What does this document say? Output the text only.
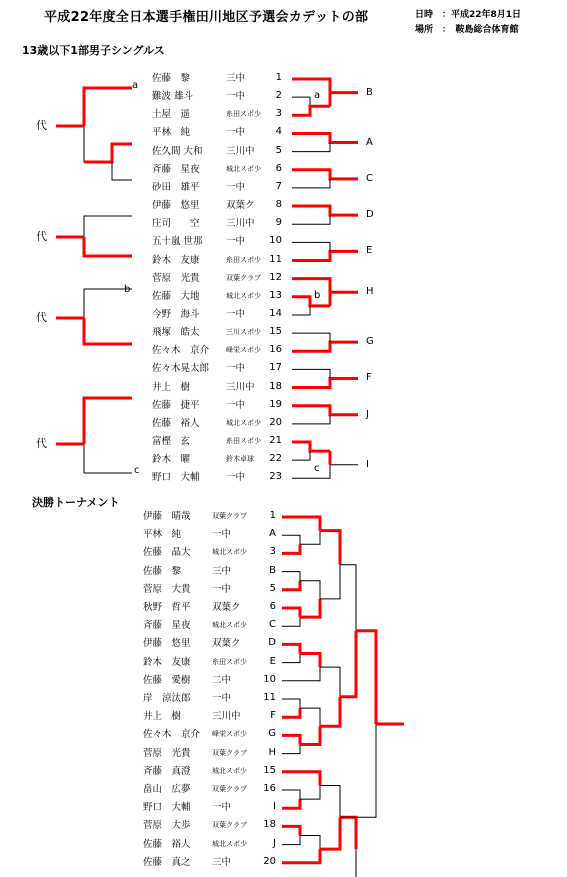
平成22年度全日本選手権田川地区予選会カデットの部	日時　：平成22年8月1日
場所　：　鞍島総合体育館
13歳以下1部男子シングルス
決勝トーナメント
佐藤　黎	三中	1
難波 雄斗	一中	2
土屋　遥	糸田スポ少	3
平林　純	一中	4
佐久間 大和 三川中	5
斉藤　星夜	城北スポ少	6
砂田　雄平	一中	7
伊藤　悠里	双葉ク	8
庄司　　空	三川中	9
五十嵐 世那 一中 10
鈴木　友康	糸田スポ少 11
菅原　光貴	双葉クラブ 12
佐藤　大地	城北スポ少 13
今野　海斗	一中 14
飛塚　皓太	三川スポ少 15
佐々木　京介 峰栄スポ少 16
佐々木晃太郎 一中 17
井上　樹	三川中 18
佐藤　捷平	一中 19
佐藤　裕人	城北スポ少 20
富樫　玄	糸田スポ少 21
鈴木　曜	鈴木卓球 22
野口　大輔	一中 23
a	B
A
C
D
E
b	H
G
F
J
c	I
代
a
代
代
b
代
c
伊藤　晴哉	双葉クラブ	1
平林　純	一中	A
佐藤　晶大	城北スポ少	3
佐藤　黎	三中	B
菅原　大貴 一中	5
秋野　哲平 双葉ク	6
斉藤　星夜	城北スポ少	C
伊藤　悠里 双葉ク	D
鈴木　友康	糸田スポ少	E
佐藤　愛樹 二中	10
岸　涼汰郎 一中	11
井上　樹	三川中	F
佐々木　京介 峰栄スポ少	G
菅原　光貴	双葉クラブ	H
斉藤　真澄	城北スポ少 15
畠山　広夢	双葉クラブ 16
野口　大輔 一中	I
菅原　大歩	双葉クラブ 18
佐藤　裕人	城北スポ少	J
佐藤　真之 三中	20
